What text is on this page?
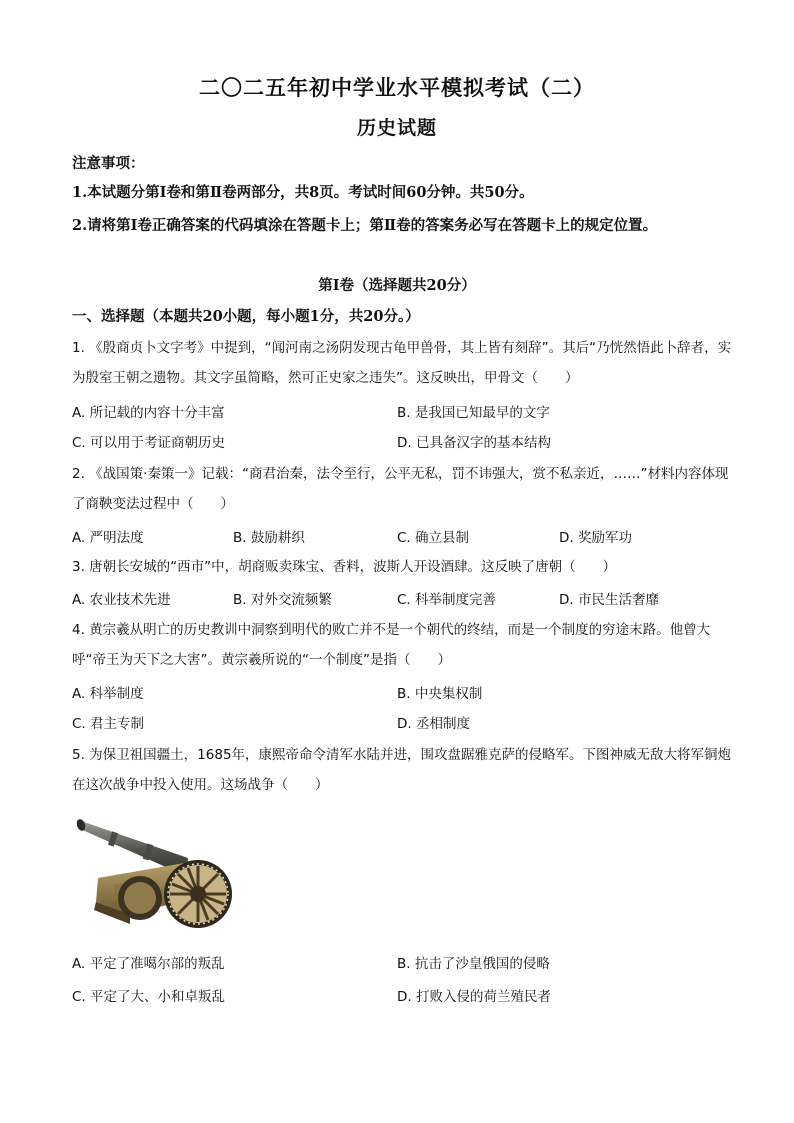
二〇二五年初中学业水平模拟考试（二）
历史试题
注意事项：
1.本试题分第Ⅰ卷和第Ⅱ卷两部分，共8页。考试时间60分钟。共50分。
2.请将第Ⅰ卷正确答案的代码填涂在答题卡上；第Ⅱ卷的答案务必写在答题卡上的规定位置。
第Ⅰ卷（选择题共20分）
一、选择题（本题共20小题，每小题1分，共20分。）
1. 《殷商贞卜文字考》中提到，“闻河南之汤阴发现古龟甲兽骨，其上皆有刻辞”。其后“乃恍然悟此卜辞者，实为殷室王朝之遗物。其文字虽简略，然可正史家之违失”。这反映出，甲骨文（　　）
A. 所记载的内容十分丰富	B. 是我国已知最早的文字
C. 可以用于考证商朝历史	D. 已具备汉字的基本结构
2. 《战国策·秦策一》记载：“商君治秦，法令至行，公平无私，罚不讳强大，赏不私亲近，……”材料内容体现了商鞅变法过程中（　　）
A. 严明法度	B. 鼓励耕织	C. 确立县制	D. 奖励军功
3. 唐朝长安城的“西市”中，胡商贩卖珠宝、香料，波斯人开设酒肆。这反映了唐朝（　　）
A. 农业技术先进	B. 对外交流频繁	C. 科举制度完善	D. 市民生活奢靡
4. 黄宗羲从明亡的历史教训中洞察到明代的败亡并不是一个朝代的终结，而是一个制度的穷途末路。他曾大呼“帝王为天下之大害”。黄宗羲所说的“一个制度”是指（　　）
A. 科举制度	B. 中央集权制
C. 君主专制	D. 丞相制度
5. 为保卫祖国疆土，1685年，康熙帝命令清军水陆并进，围攻盘踞雅克萨的侵略军。下图神威无敌大将军铜炮在这次战争中投入使用。这场战争（　　）
A. 平定了准噶尔部的叛乱	B. 抗击了沙皇俄国的侵略
C. 平定了大、小和卓叛乱	D. 打败入侵的荷兰殖民者
